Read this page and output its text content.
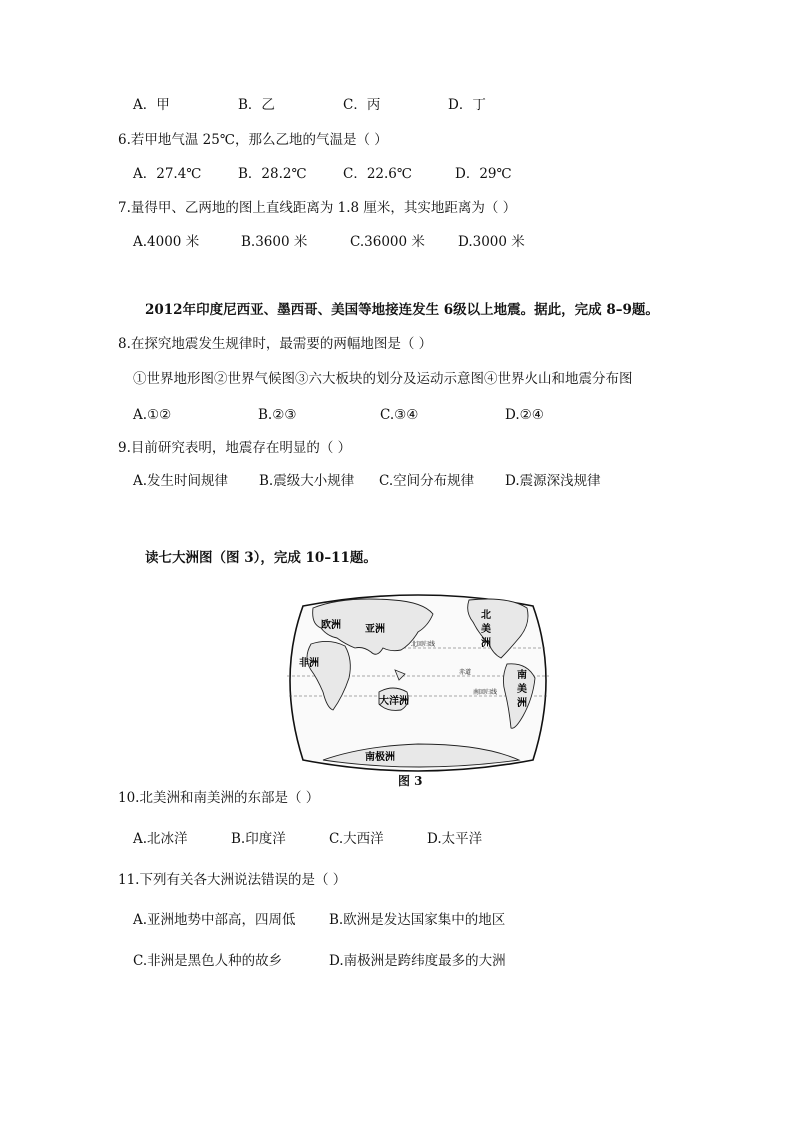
A．甲	B．乙	C．丙	D．丁
6.若甲地气温 25℃，那么乙地的气温是（ ）
A．27.4℃	B．28.2℃	C．22.6℃	D．29℃
7.量得甲、乙两地的图上直线距离为 1.8 厘米，其实地距离为（ ）
A.4000 米	B.3600 米	C.36000 米 D.3000 米
2012年印度尼西亚、墨西哥、美国等地接连发生 6级以上地震。据此，完成 8–9题。
8.在探究地震发生规律时，最需要的两幅地图是（ ）
①世界地形图②世界气候图③六大板块的划分及运动示意图④世界火山和地震分布图
A.①②	B.②③	C.③④	D.②④
9.目前研究表明，地震存在明显的（ ）
A.发生时间规律 B.震级大小规律 C.空间分布规律 D.震源深浅规律
读七大洲图（图 3），完成 10–11题。
欧洲 亚洲
非洲
大洋洲
南极洲
北
美
洲
南
美
洲
北回归线
赤道
南回归线
图 3
10.北美洲和南美洲的东部是（ ）
A.北冰洋	B.印度洋	C.大西洋	D.太平洋
11.下列有关各大洲说法错误的是（ ）
A.亚洲地势中部高，四周低 B.欧洲是发达国家集中的地区
C.非洲是黑色人种的故乡	D.南极洲是跨纬度最多的大洲
